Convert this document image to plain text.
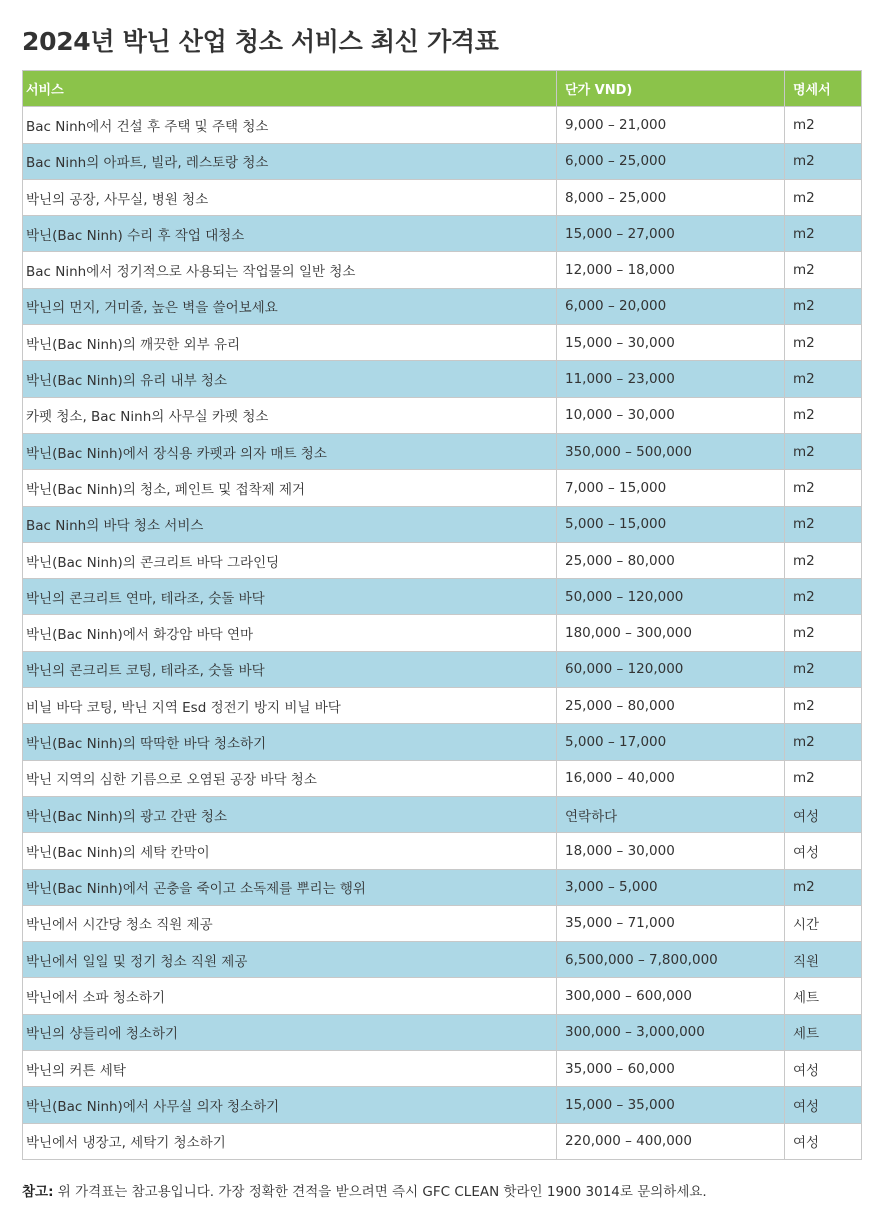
2024년 박닌 산업 청소 서비스 최신 가격표
서비스	단가 VND)	명세서
Bac Ninh에서 건설 후 주택 및 주택 청소	9,000 – 21,000	m2
Bac Ninh의 아파트, 빌라, 레스토랑 청소	6,000 – 25,000	m2
박닌의 공장, 사무실, 병원 청소	8,000 – 25,000	m2
박닌(Bac Ninh) 수리 후 작업 대청소	15,000 – 27,000	m2
Bac Ninh에서 정기적으로 사용되는 작업물의 일반 청소	12,000 – 18,000	m2
박닌의 먼지, 거미줄, 높은 벽을 쓸어보세요	6,000 – 20,000	m2
박닌(Bac Ninh)의 깨끗한 외부 유리	15,000 – 30,000	m2
박닌(Bac Ninh)의 유리 내부 청소	11,000 – 23,000	m2
카펫 청소, Bac Ninh의 사무실 카펫 청소	10,000 – 30,000	m2
박닌(Bac Ninh)에서 장식용 카펫과 의자 매트 청소	350,000 – 500,000	m2
박닌(Bac Ninh)의 청소, 페인트 및 접착제 제거	7,000 – 15,000	m2
Bac Ninh의 바닥 청소 서비스	5,000 – 15,000	m2
박닌(Bac Ninh)의 콘크리트 바닥 그라인딩	25,000 – 80,000	m2
박닌의 콘크리트 연마, 테라조, 숫돌 바닥	50,000 – 120,000	m2
박닌(Bac Ninh)에서 화강암 바닥 연마	180,000 – 300,000	m2
박닌의 콘크리트 코팅, 테라조, 숫돌 바닥	60,000 – 120,000	m2
비닐 바닥 코팅, 박닌 지역 Esd 정전기 방지 비닐 바닥	25,000 – 80,000	m2
박닌(Bac Ninh)의 딱딱한 바닥 청소하기	5,000 – 17,000	m2
박닌 지역의 심한 기름으로 오염된 공장 바닥 청소	16,000 – 40,000	m2
박닌(Bac Ninh)의 광고 간판 청소	연락하다	여성
박닌(Bac Ninh)의 세탁 칸막이	18,000 – 30,000	여성
박닌(Bac Ninh)에서 곤충을 죽이고 소독제를 뿌리는 행위	3,000 – 5,000	m2
박닌에서 시간당 청소 직원 제공	35,000 – 71,000	시간
박닌에서 일일 및 정기 청소 직원 제공	6,500,000 – 7,800,000	직원
박닌에서 소파 청소하기	300,000 – 600,000	세트
박닌의 샹들리에 청소하기	300,000 – 3,000,000	세트
박닌의 커튼 세탁	35,000 – 60,000	여성
박닌(Bac Ninh)에서 사무실 의자 청소하기	15,000 – 35,000	여성
박닌에서 냉장고, 세탁기 청소하기	220,000 – 400,000	여성
참고: 위 가격표는 참고용입니다. 가장 정확한 견적을 받으려면 즉시 GFC CLEAN 핫라인 1900 3014로 문의하세요.
